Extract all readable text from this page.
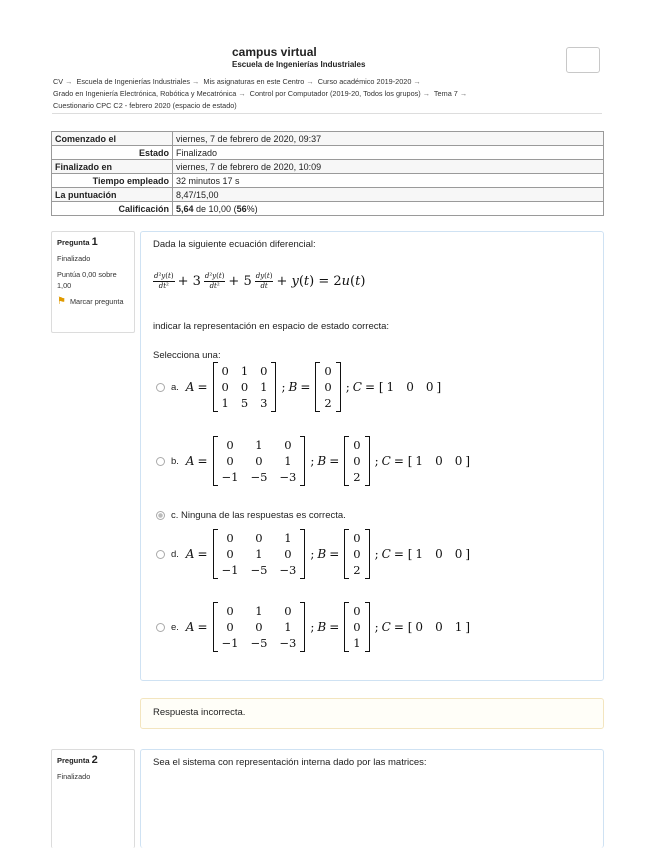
campus virtual
Escuela de Ingenierías Industriales
CV → Escuela de Ingenierías Industriales → Mis asignaturas en este Centro → Curso académico 2019-2020 →
Grado en Ingeniería Electrónica, Robótica y Mecatrónica → Control por Computador (2019-20, Todos los grupos) → Tema 7 →
Cuestionario CPC C2 - febrero 2020 (espacio de estado)
Comenzado el	viernes, 7 de febrero de 2020, 09:37
Estado	Finalizado
Finalizado en	viernes, 7 de febrero de 2020, 10:09
Tiempo empleado	32 minutos 17 s
La puntuación	8,47/15,00
Calificación	5,64 de 10,00 (56%)
Pregunta 1

Finalizado

Puntúa 0,00 sobre 1,00

⚑ Marcar pregunta

Dada la siguiente ecuación diferencial:
$\frac{\text{d²y(t)}}{\text{dt²}} + 3 \frac{\text{d²y(t)}}{\text{dt²}} + 5 \frac{dy(t)}{dt} + y(t) = 2u(t)$
indicar la representación en espacio de estado correcta:
Selecciona una:
a.
A =
0 1 0
0 0 1
1 5 3
; B =
0
0
2
; C = [ 1 0 0 ]
b.
A =
0	1	0
0	0	1
−1 −5 −3
; B =
0
0
2
; C = [ 1 0 0 ]
c.
Ninguna de las respuestas es correcta.
d.
A =
0	0	1
0	1	0
−1 −5 −3
; B =
0
0
2
; C = [ 1 0 0 ]
e.
A =
0	1	0
0	0	1
−1 −5 −3
; B =
0
0
1
; C = [ 0 0 1 ]
Respuesta incorrecta.
Pregunta 2

Finalizado

Sea el sistema con representación interna dado por las matrices:
